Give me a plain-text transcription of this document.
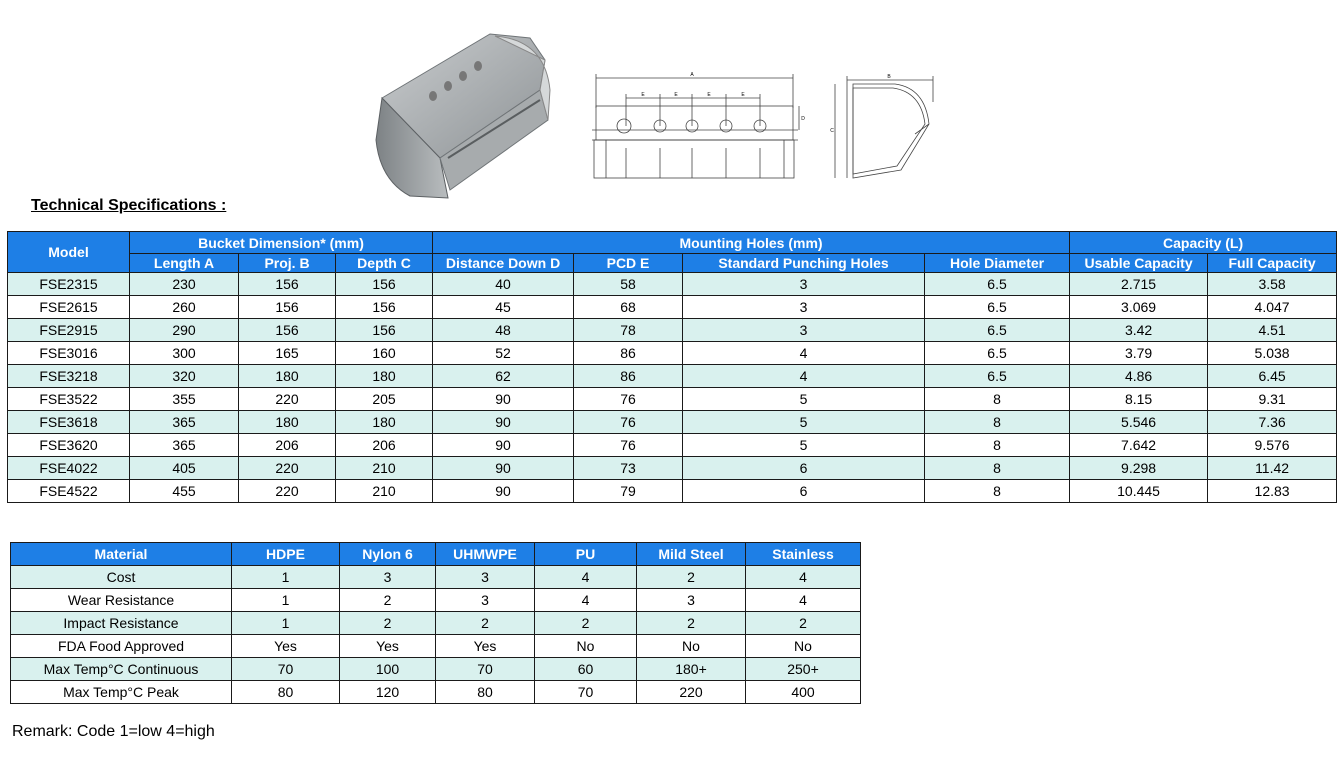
A
E	E	E	E
D
B
C
Technical Specifications :
Model	Bucket Dimension* (mm)			Mounting Holes (mm)				Capacity (L)	
	Length A	Proj. B	Depth C	Distance Down D	PCD E	Standard Punching Holes	Hole Diameter	Usable Capacity	Full Capacity
FSE2315	230	156	156	40	58	3	6.5	2.715	3.58
FSE2615	260	156	156	45	68	3	6.5	3.069	4.047
FSE2915	290	156	156	48	78	3	6.5	3.42	4.51
FSE3016	300	165	160	52	86	4	6.5	3.79	5.038
FSE3218	320	180	180	62	86	4	6.5	4.86	6.45
FSE3522	355	220	205	90	76	5	8	8.15	9.31
FSE3618	365	180	180	90	76	5	8	5.546	7.36
FSE3620	365	206	206	90	76	5	8	7.642	9.576
FSE4022	405	220	210	90	73	6	8	9.298	11.42
FSE4522	455	220	210	90	79	6	8	10.445	12.83
Material	HDPE	Nylon 6	UHMWPE	PU	Mild Steel	Stainless
Cost	1	3	3	4	2	4
Wear Resistance	1	2	3	4	3	4
Impact Resistance	1	2	2	2	2	2
FDA Food Approved	Yes	Yes	Yes	No	No	No
Max Temp°C Continuous	70	100	70	60	180+	250+
Max Temp°C Peak	80	120	80	70	220	400
Remark: Code 1=low 4=high
